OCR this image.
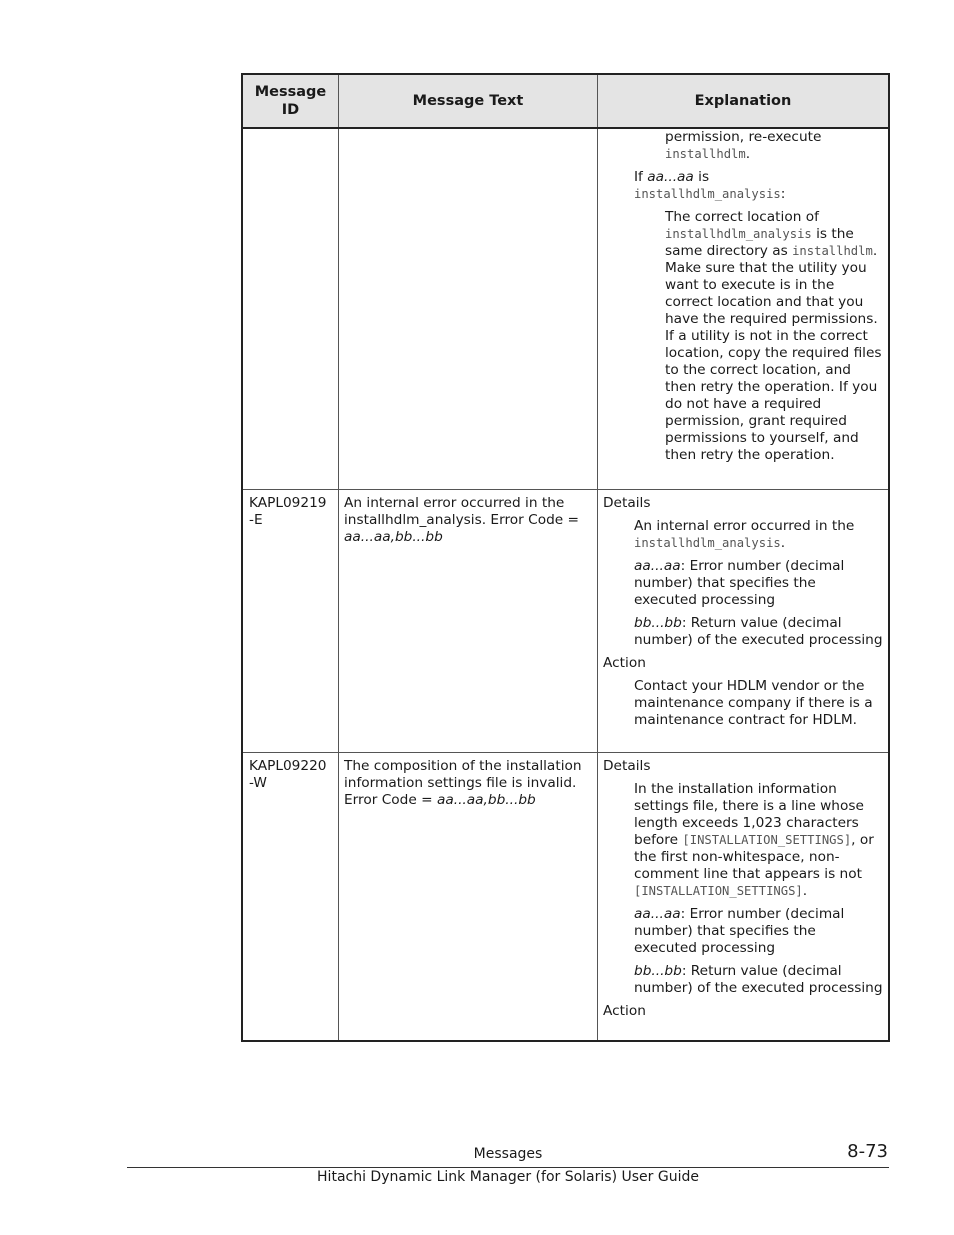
Message ID
Message Text	Explanation

permission, re-execute
installhdlm.

If aa...aa is
installhdlm_analysis:

The correct location of installhdlm_analysis is the same directory as installhdlm. Make sure that the utility you want to execute is in the correct location and that you have the required permissions. If a utility is not in the correct location, copy the required files to the correct location, and then retry the operation. If you do not have a required permission, grant required permissions to yourself, and then retry the operation.

KAPL09219 -E
An internal error occurred in the installhdlm_analysis. Error Code = aa...aa,bb...bb

Details

An internal error occurred in the
installhdlm_analysis.

aa...aa: Error number (decimal number) that specifies the executed processing

bb...bb: Return value (decimal number) of the executed processing

Action

Contact your HDLM vendor or the maintenance company if there is a maintenance contract for HDLM.

KAPL09220 -W
The composition of the installation information settings file is invalid. Error Code = aa...aa,bb...bb

Details

In the installation information settings file, there is a line whose length exceeds 1,023 characters before [INSTALLATION_SETTINGS], or the first non-whitespace, non-comment line that appears is not [INSTALLATION_SETTINGS].

aa...aa: Error number (decimal number) that specifies the executed processing

bb...bb: Return value (decimal number) of the executed processing

Action

Messages	8-73
Hitachi Dynamic Link Manager (for Solaris) User Guide
